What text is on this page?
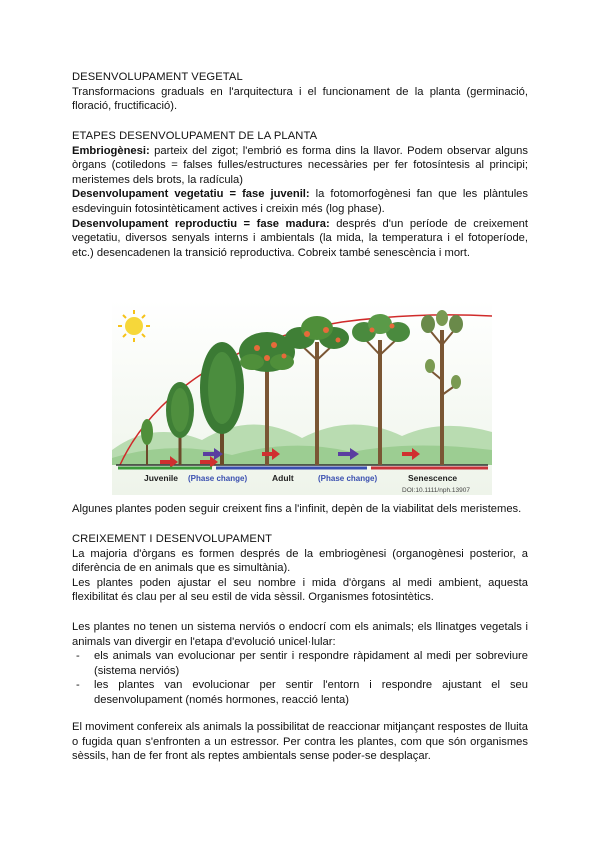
DESENVOLUPAMENT VEGETAL

Transformacions graduals en l'arquitectura i el funcionament de la planta (germinació, floració, fructificació).

ETAPES DESENVOLUPAMENT DE LA PLANTA

Embriogènesi: parteix del zigot; l'embrió es forma dins la llavor. Podem observar alguns òrgans (cotiledons = falses fulles/estructures necessàries per fer fotosíntesis al principi; meristemes dels brots, la radícula)

Desenvolupament vegetatiu = fase juvenil: la fotomorfogènesi fan que les plàntules esdevinguin fotosintèticament actives i creixin més (log phase).

Desenvolupament reproductiu = fase madura: després d'un període de creixement vegetatiu, diversos senyals interns i ambientals (la mida, la temperatura i el fotoperíode, etc.) desencadenen la transició reproductiva. Cobreix també senescència i mort.

Juvenile (Phase change)	Adult	(Phase change)	Senescence
DOI:10.1111/nph.13907

Algunes plantes poden seguir creixent fins a l'infinit, depèn de la viabilitat dels meristemes.

CREIXEMENT I DESENVOLUPAMENT

La majoria d'òrgans es formen després de la embriogènesi (organogènesi posterior, a diferència de en animals que es simultània).

Les plantes poden ajustar el seu nombre i mida d'òrgans al medi ambient, aquesta flexibilitat és clau per al seu estil de vida sèssil. Organismes fotosintètics.

Les plantes no tenen un sistema nerviós o endocrí com els animals; els llinatges vegetals i animals van divergir en l'etapa d'evolució unicel·lular:

- els animals van evolucionar per sentir i respondre ràpidament al medi per sobreviure (sistema nerviós)
- les plantes van evolucionar per sentir l'entorn i respondre ajustant el seu desenvolupament (només hormones, reacció lenta)

El moviment confereix als animals la possibilitat de reaccionar mitjançant respostes de lluita o fugida quan s'enfronten a un estressor. Per contra les plantes, com que són organismes sèssils, han de fer front als reptes ambientals sense poder-se desplaçar.
